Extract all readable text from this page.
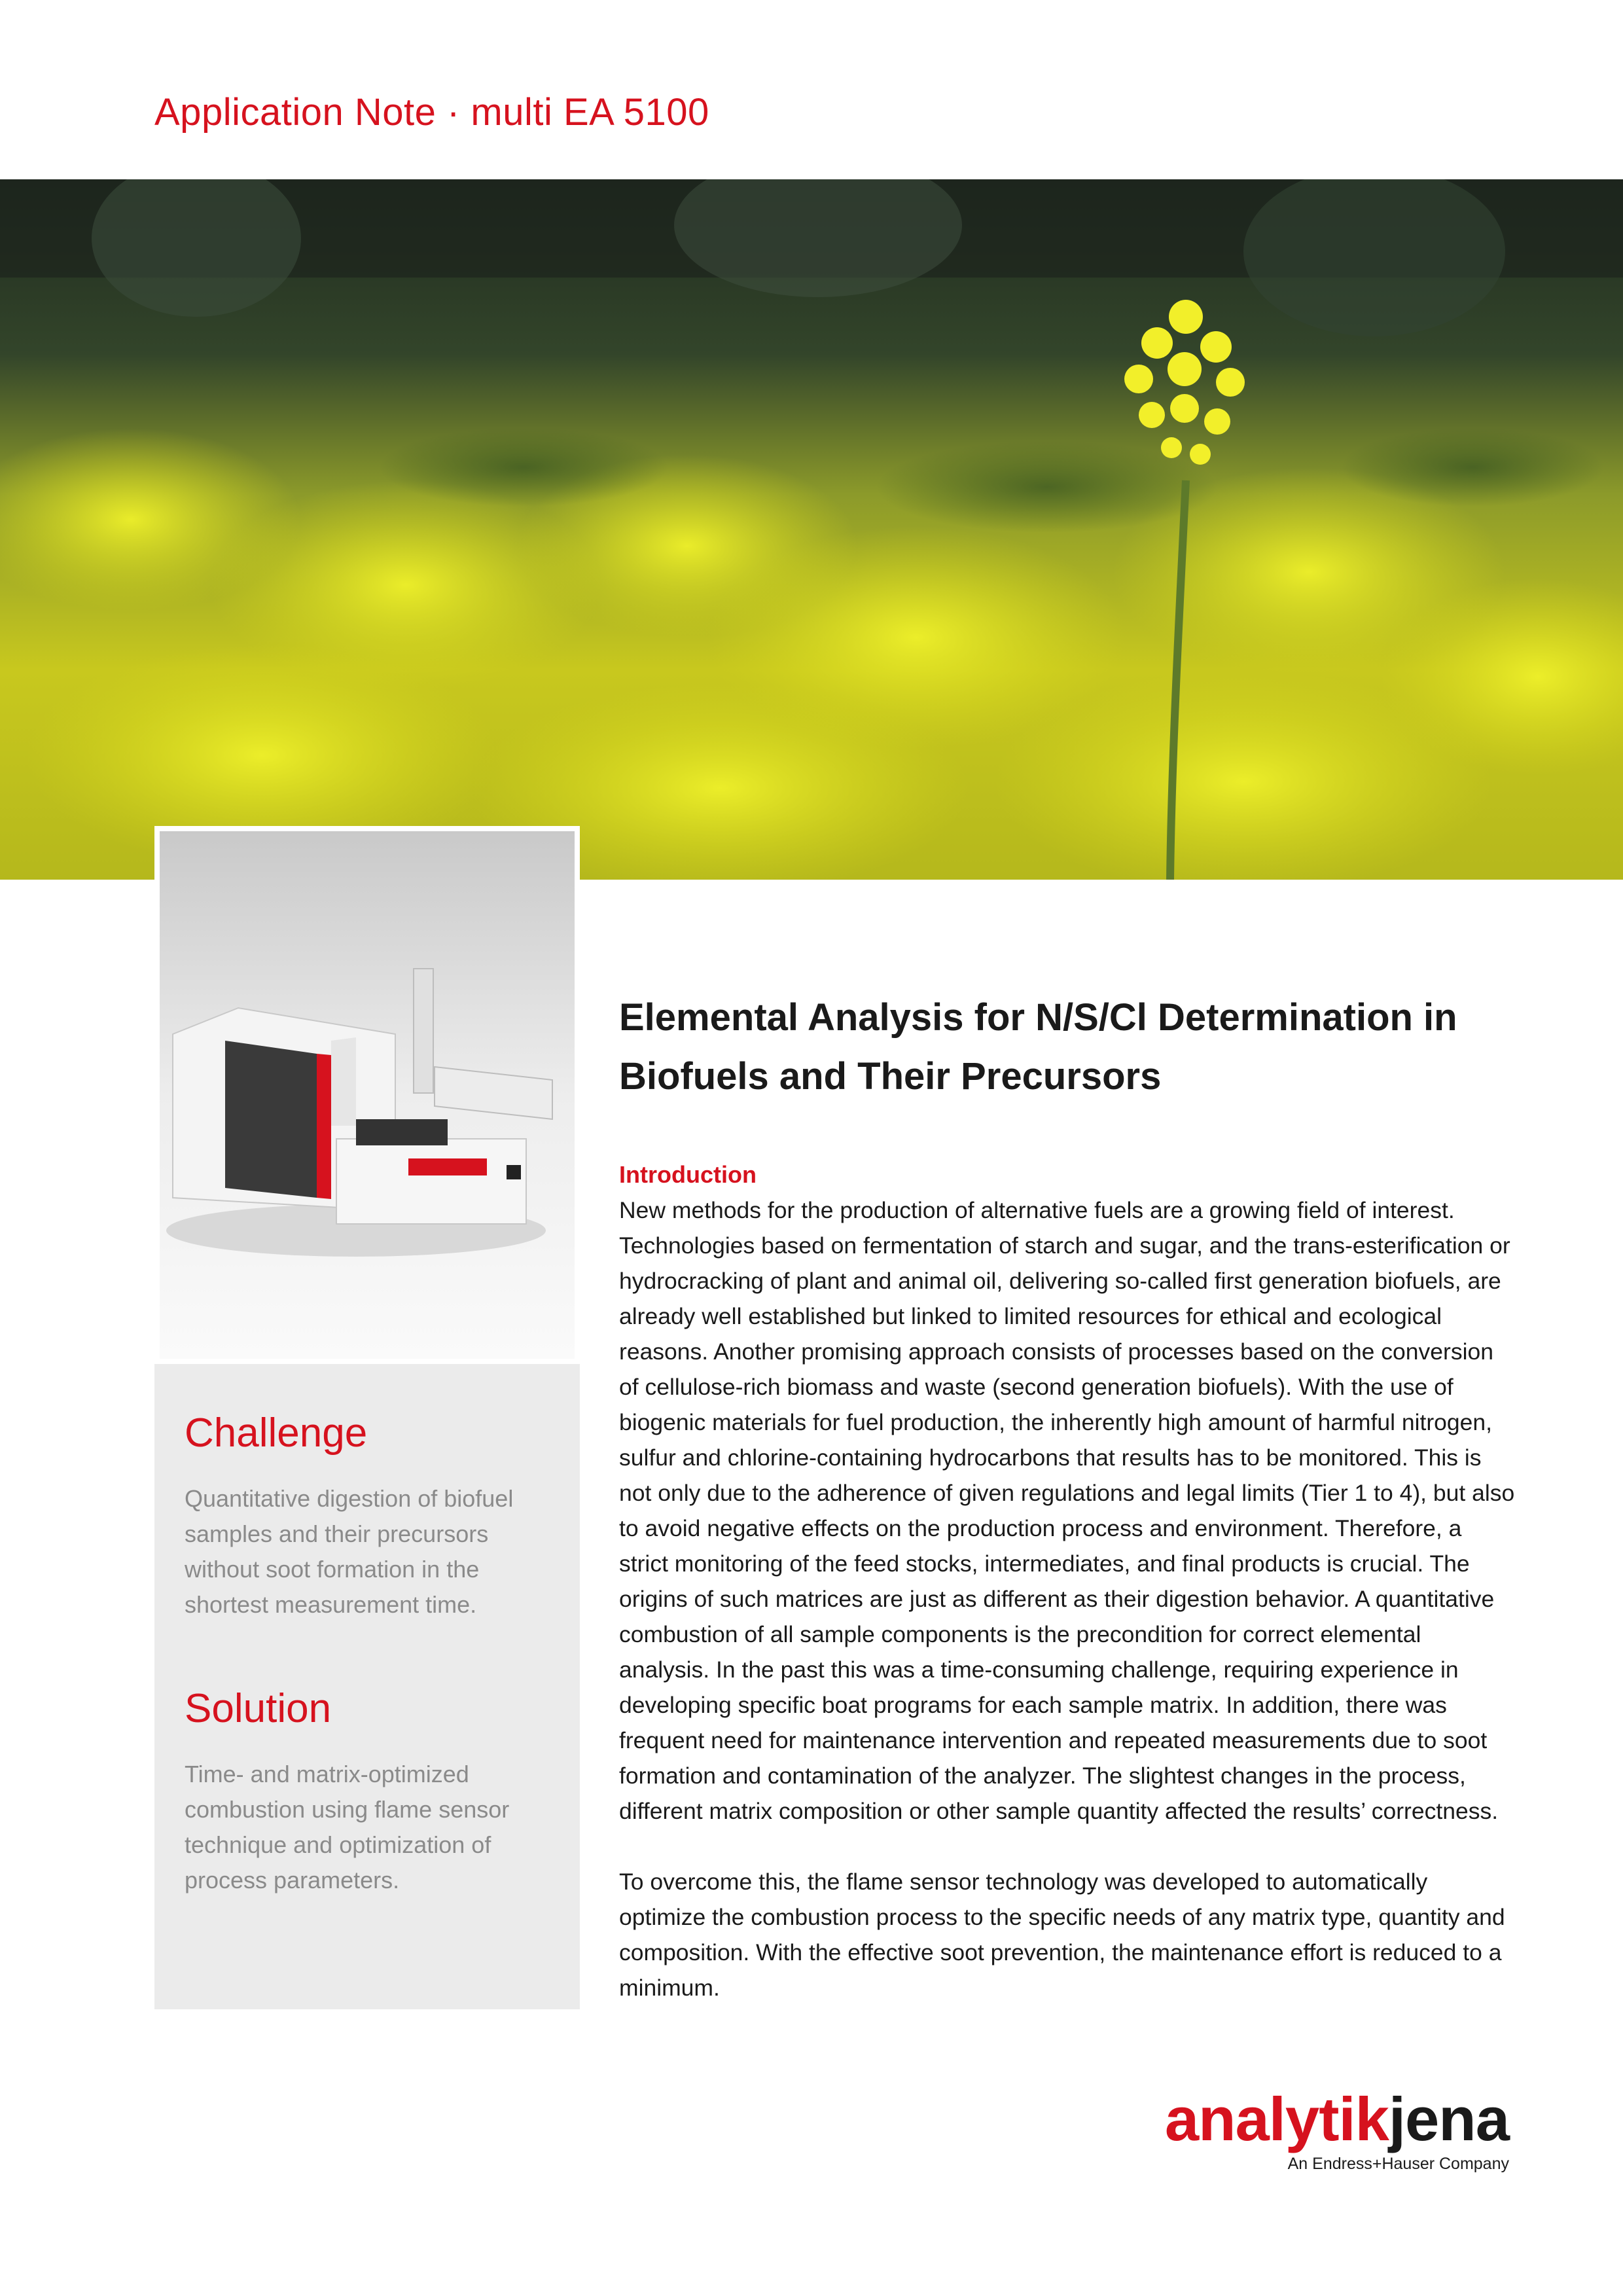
Application Note · multi EA 5100
Challenge

Quantitative digestion of biofuel samples and their precursors without soot formation in the shortest measurement time.

Solution

Time- and matrix-optimized combustion using flame sensor technique and optimization of process parameters.

Elemental Analysis for N/S/Cl Determination in Biofuels and Their Precursors
Introduction

New methods for the production of alternative fuels are a growing field of interest. Technologies based on fermentation of starch and sugar, and the trans-esterification or hydrocracking of plant and animal oil, delivering so-called first generation biofuels, are already well established but linked to limited resources for ethical and ecological reasons. Another promising approach consists of processes based on the conversion of cellulose-rich biomass and waste (second generation biofuels). With the use of biogenic materials for fuel production, the inherently high amount of harmful nitrogen, sulfur and chlorine-containing hydrocarbons that results has to be monitored. This is not only due to the adherence of given regulations and legal limits (Tier 1 to 4), but also to avoid negative effects on the production process and environment. Therefore, a strict monitoring of the feed stocks, intermediates, and final products is crucial. The origins of such matrices are just as different as their digestion behavior. A quantitative combustion of all sample components is the precondition for correct elemental analysis. In the past this was a time-consuming challenge, requiring experience in developing specific boat programs for each sample matrix. In addition, there was frequent need for maintenance intervention and repeated measurements due to soot formation and contamination of the analyzer. The slightest changes in the process, different matrix composition or other sample quantity affected the results’ correctness.

To overcome this, the flame sensor technology was developed to automatically optimize the combustion process to the specific needs of any matrix type, quantity and composition. With the effective soot prevention, the maintenance effort is reduced to a minimum.

analytikjena
An Endress+Hauser Company
